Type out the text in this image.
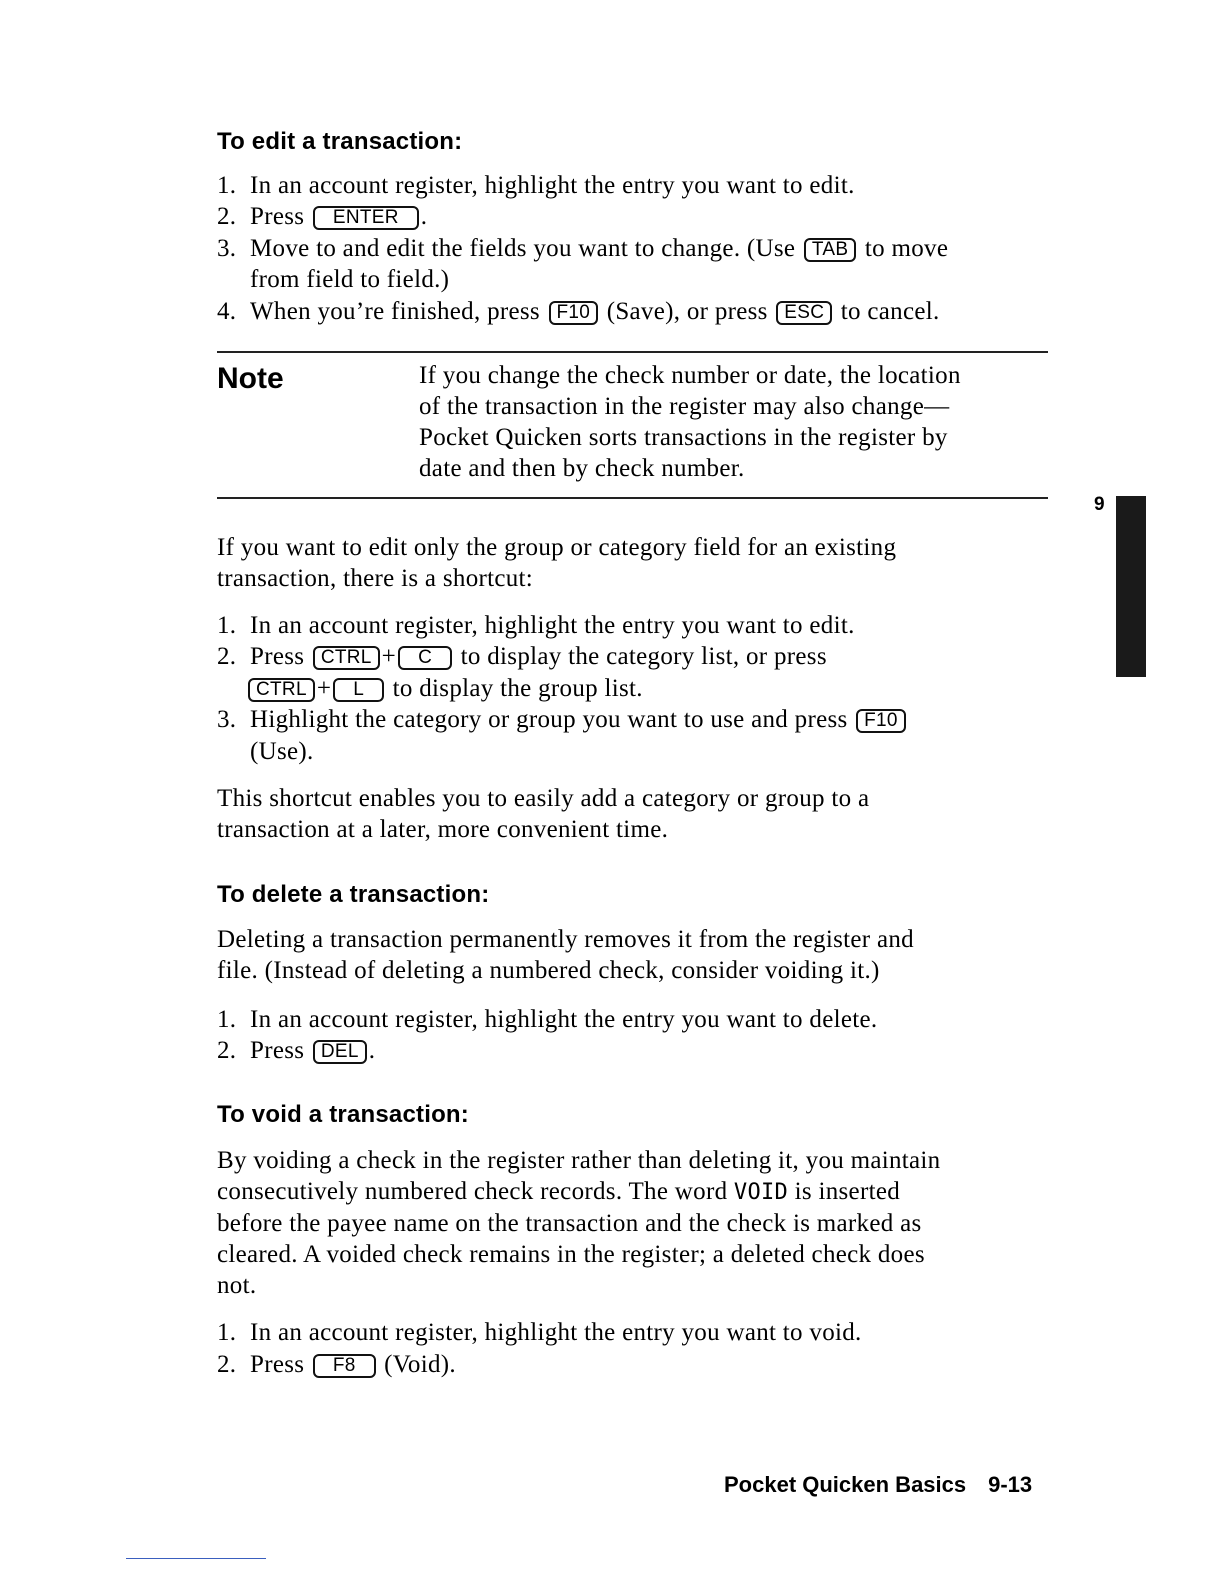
To edit a transaction:
1. In an account register, highlight the entry you want to edit.
2. Press ENTER .
3. Move to and edit the fields you want to change. (Use TAB to move
from field to field.)
4. When you’re finished, press F10 (Save), or press ESC to cancel.
Note	If you change the check number or date, the location
of the transaction in the register may also change—
Pocket Quicken sorts transactions in the register by
date and then by check number.
9
If you want to edit only the group or category field for an existing
transaction, there is a shortcut:
1. In an account register, highlight the entry you want to edit.
2. Press CTRL + C to display the category list, or press
CTRL + L to display the group list.
3. Highlight the category or group you want to use and press F10
(Use).
This shortcut enables you to easily add a category or group to a
transaction at a later, more convenient time.
To delete a transaction:
Deleting a transaction permanently removes it from the register and
file. (Instead of deleting a numbered check, consider voiding it.)
1. In an account register, highlight the entry you want to delete.
2. Press DEL .
To void a transaction:
By voiding a check in the register rather than deleting it, you maintain
consecutively numbered check records. The word VOID is inserted
before the payee name on the transaction and the check is marked as
cleared. A voided check remains in the register; a deleted check does
not.
1. In an account register, highlight the entry you want to void.
2. Press F8 (Void).
Pocket Quicken Basics 9-13
